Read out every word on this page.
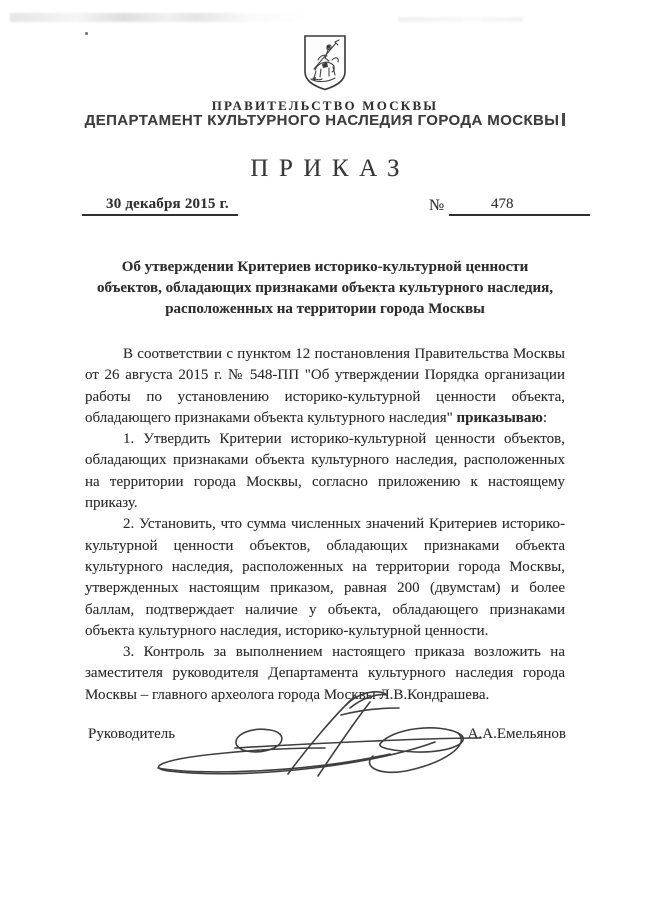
ПРАВИТЕЛЬСТВО МОСКВЫ
ДЕПАРТАМЕНТ КУЛЬТУРНОГО НАСЛЕДИЯ ГОРОДА МОСКВЫ
ПРИКАЗ
30 декабря 2015 г.	№	478
Об утверждении Критериев историко-культурной ценности
объектов, обладающих признаками объекта культурного наследия,
расположенных на территории города Москвы

В соответствии с пунктом 12 постановления Правительства Москвы от 26 августа 2015 г. № 548-ПП "Об утверждении Порядка организации работы по установлению историко-культурной ценности объекта, обладающего признаками объекта культурного наследия" приказываю:

1. Утвердить Критерии историко-культурной ценности объектов, обладающих признаками объекта культурного наследия, расположенных на территории города Москвы, согласно приложению к настоящему приказу.

2. Установить, что сумма численных значений Критериев историко-культурной ценности объектов, обладающих признаками объекта культурного наследия, расположенных на территории города Москвы, утвержденных настоящим приказом, равная 200 (двумстам) и более баллам, подтверждает наличие у объекта, обладающего признаками объекта культурного наследия, историко-культурной ценности.

3. Контроль за выполнением настоящего приказа возложить на заместителя руководителя Департамента культурного наследия города Москвы – главного археолога города Москвы Л.В.Кондрашева.

Руководитель	А.А.Емельянов
